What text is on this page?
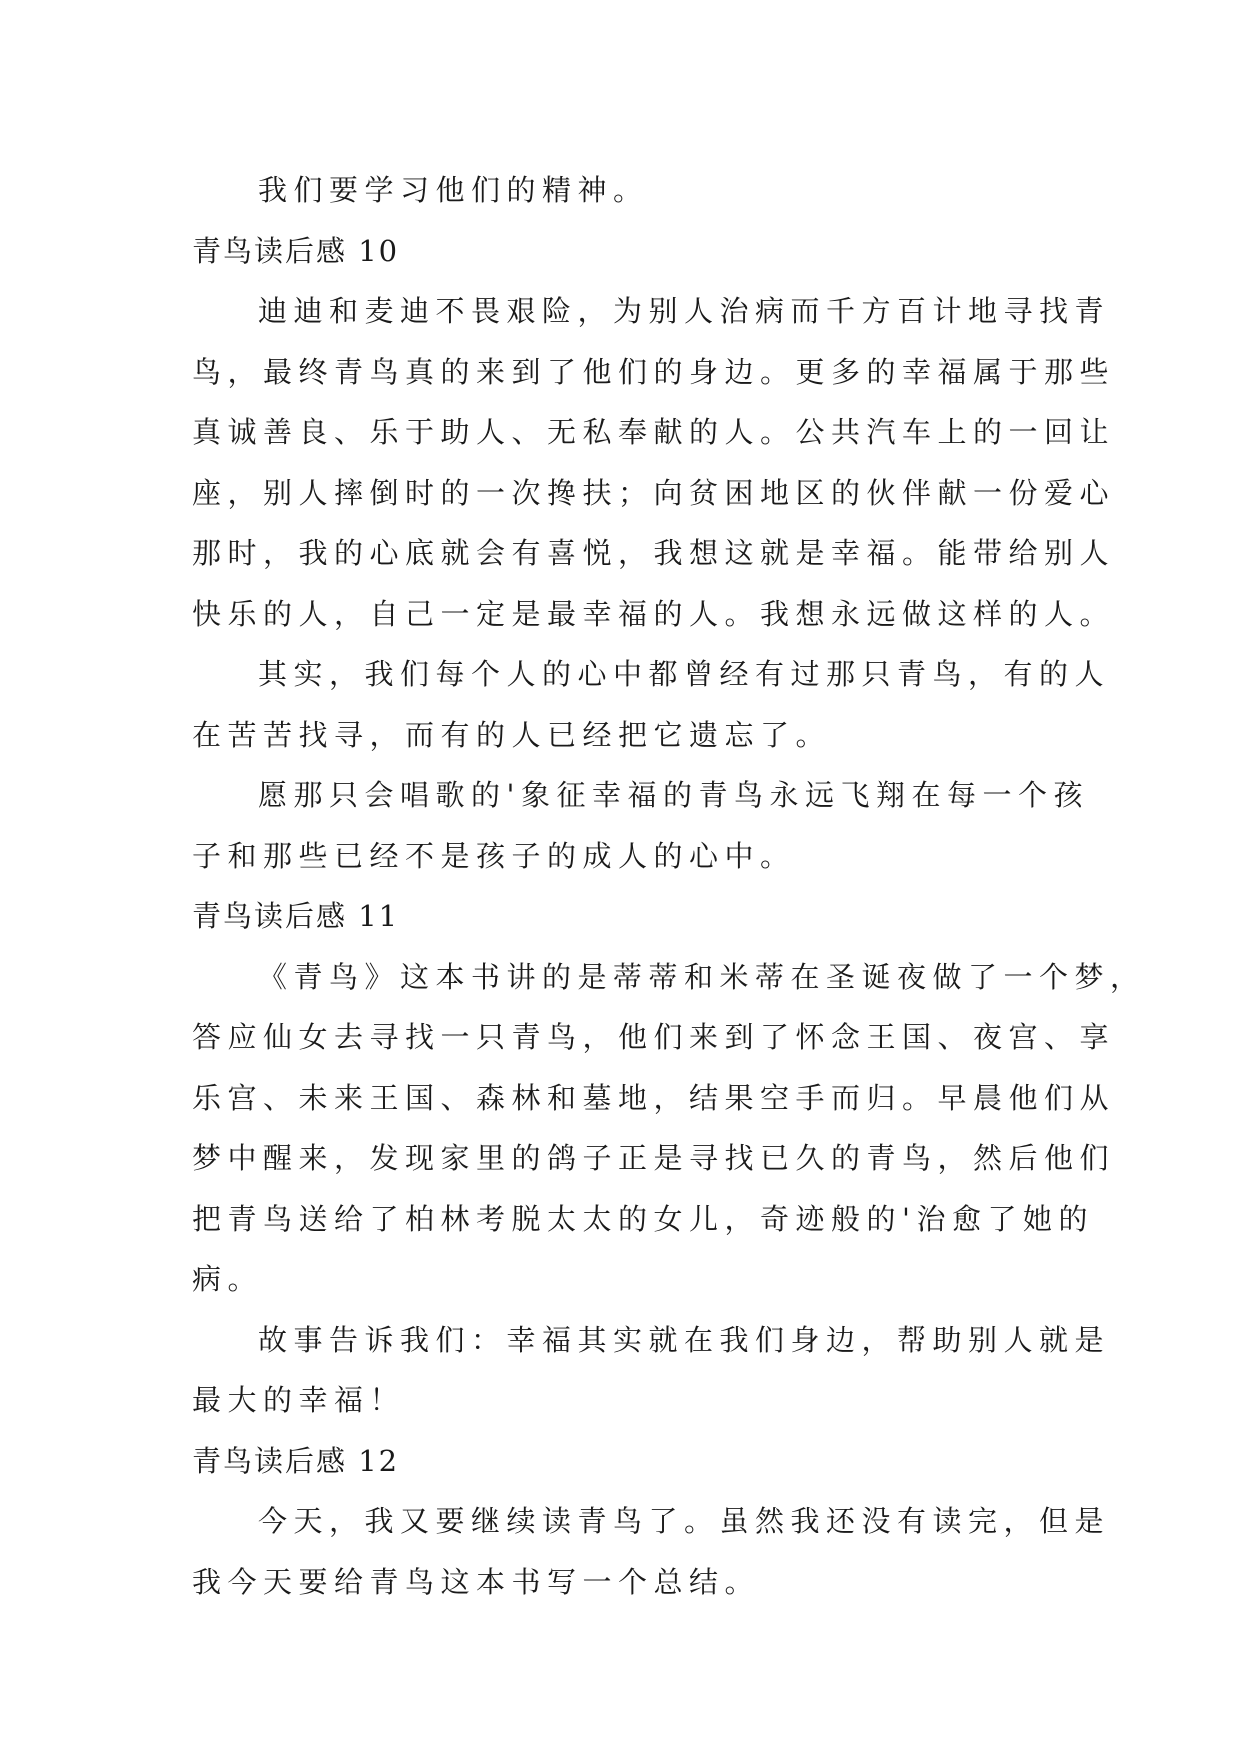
我们要学习他们的精神。
青鸟读后感 10
迪迪和麦迪不畏艰险，为别人治病而千方百计地寻找青
鸟，最终青鸟真的来到了他们的身边。更多的幸福属于那些
真诚善良、乐于助人、无私奉献的人。公共汽车上的一回让
座，别人摔倒时的一次搀扶；向贫困地区的伙伴献一份爱心
那时，我的心底就会有喜悦，我想这就是幸福。能带给别人
快乐的人，自己一定是最幸福的人。我想永远做这样的人。
其实，我们每个人的心中都曾经有过那只青鸟，有的人
在苦苦找寻，而有的人已经把它遗忘了。
愿那只会唱歌的'象征幸福的青鸟永远飞翔在每一个孩
子和那些已经不是孩子的成人的心中。
青鸟读后感 11
《青鸟》这本书讲的是蒂蒂和米蒂在圣诞夜做了一个梦，
答应仙女去寻找一只青鸟，他们来到了怀念王国、夜宫、享
乐宫、未来王国、森林和墓地，结果空手而归。早晨他们从
梦中醒来，发现家里的鸽子正是寻找已久的青鸟，然后他们
把青鸟送给了柏林考脱太太的女儿，奇迹般的'治愈了她的
病。
故事告诉我们：幸福其实就在我们身边，帮助别人就是
最大的幸福！
青鸟读后感 12
今天，我又要继续读青鸟了。虽然我还没有读完，但是
我今天要给青鸟这本书写一个总结。
